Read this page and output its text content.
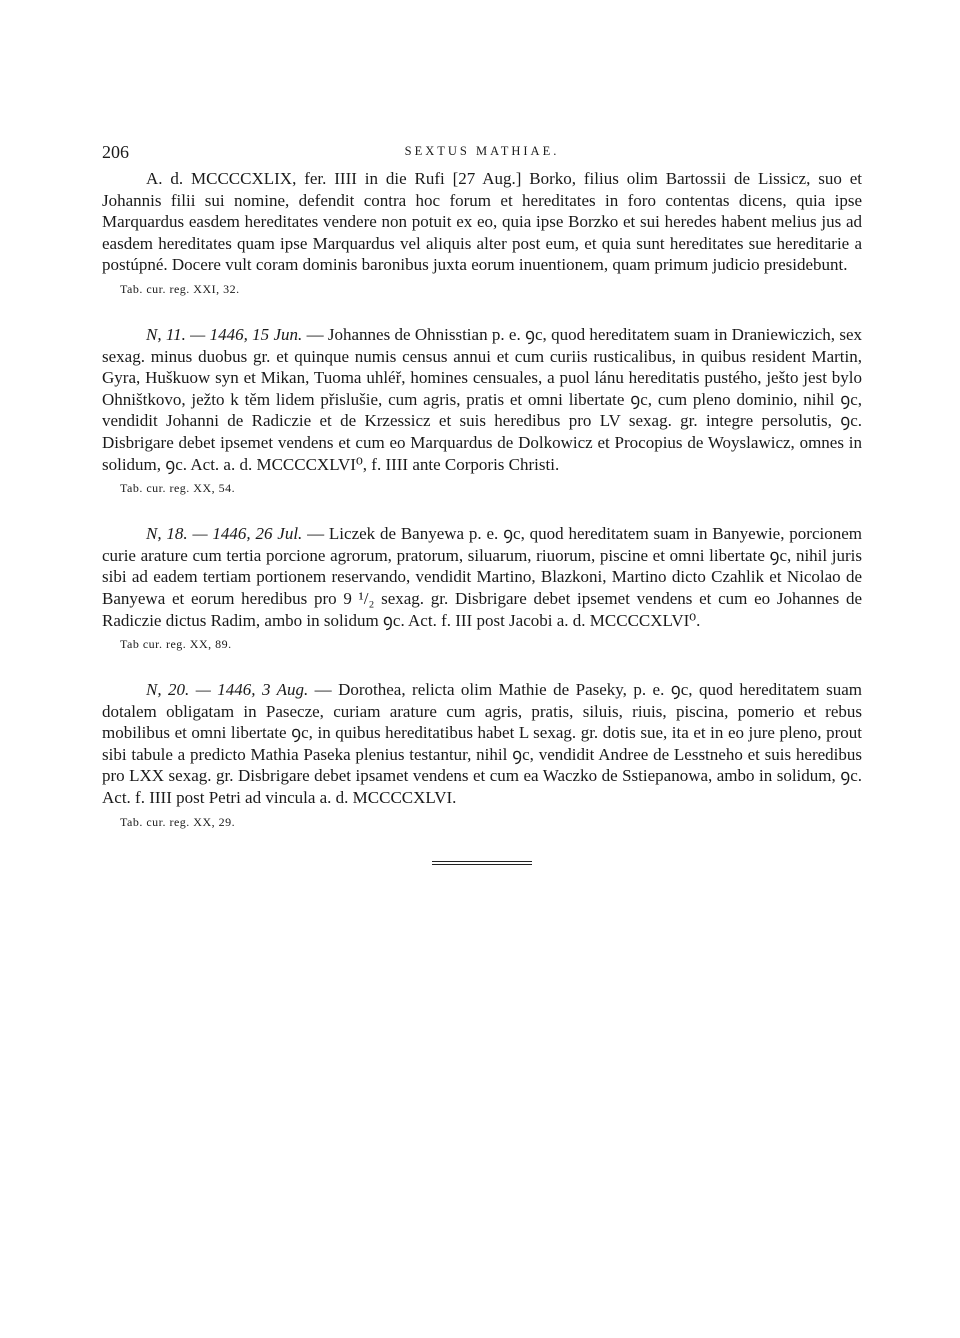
206	SEXTUS MATHIAE.

A. d. MCCCCXLIX, fer. IIII in die Rufi [27 Aug.] Borko, filius olim Bartossii de Lissicz, suo et Johannis filii sui nomine, defendit contra hoc forum et hereditates in foro contentas dicens, quia ipse Marquardus easdem hereditates vendere non potuit ex eo, quia ipse Borzko et sui heredes habent melius jus ad easdem hereditates quam ipse Marquardus vel aliquis alter post eum, et quia sunt hereditates sue hereditarie a postúpné. Docere vult coram dominis baronibus juxta eorum inuentionem, quam primum judicio presidebunt.

Tab. cur. reg. XXI, 32.

N, 11. — 1446, 15 Jun. — Johannes de Ohnisstian p. e. ꝯc, quod hereditatem suam in Draniewiczich, sex sexag. minus duobus gr. et quinque numis census annui et cum curiis rusticalibus, in quibus resident Martin, Gyra, Huškuow syn et Mikan, Tuoma uhléř, homines censuales, a puol lánu hereditatis pustého, ješto jest bylo Ohništkovo, ježto k těm lidem přislušie, cum agris, pratis et omni libertate ꝯc, cum pleno dominio, nihil ꝯc, vendidit Johanni de Radiczie et de Krzessicz et suis heredibus pro LV sexag. gr. integre persolutis, ꝯc. Disbrigare debet ipsemet vendens et cum eo Marquardus de Dolkowicz et Procopius de Woyslawicz, omnes in solidum, ꝯc. Act. a. d. MCCCCXLVI⁰, f. IIII ante Corporis Christi.

Tab. cur. reg. XX, 54.

N, 18. — 1446, 26 Jul. — Liczek de Banyewa p. e. ꝯc, quod hereditatem suam in Banyewie, porcionem curie arature cum tertia porcione agrorum, pratorum, siluarum, riuorum, piscine et omni libertate ꝯc, nihil juris sibi ad eadem tertiam portionem reservando, vendidit Martino, Blazkoni, Martino dicto Czahlik et Nicolao de Banyewa et eorum heredibus pro 9 ¹/₂ sexag. gr. Disbrigare debet ipsemet vendens et cum eo Johannes de Radiczie dictus Radim, ambo in solidum ꝯc. Act. f. III post Jacobi a. d. MCCCCXLVI⁰.

Tab cur. reg. XX, 89.

N, 20. — 1446, 3 Aug. — Dorothea, relicta olim Mathie de Paseky, p. e. ꝯc, quod hereditatem suam dotalem obligatam in Pasecze, curiam arature cum agris, pratis, siluis, riuis, piscina, pomerio et rebus mobilibus et omni libertate ꝯc, in quibus hereditatibus habet L sexag. gr. dotis sue, ita et in eo jure pleno, prout sibi tabule a predicto Mathia Paseka plenius testantur, nihil ꝯc, vendidit Andree de Lesstneho et suis heredibus pro LXX sexag. gr. Disbrigare debet ipsamet vendens et cum ea Waczko de Sstiepanowa, ambo in solidum, ꝯc. Act. f. IIII post Petri ad vincula a. d. MCCCCXLVI.

Tab. cur. reg. XX, 29.
